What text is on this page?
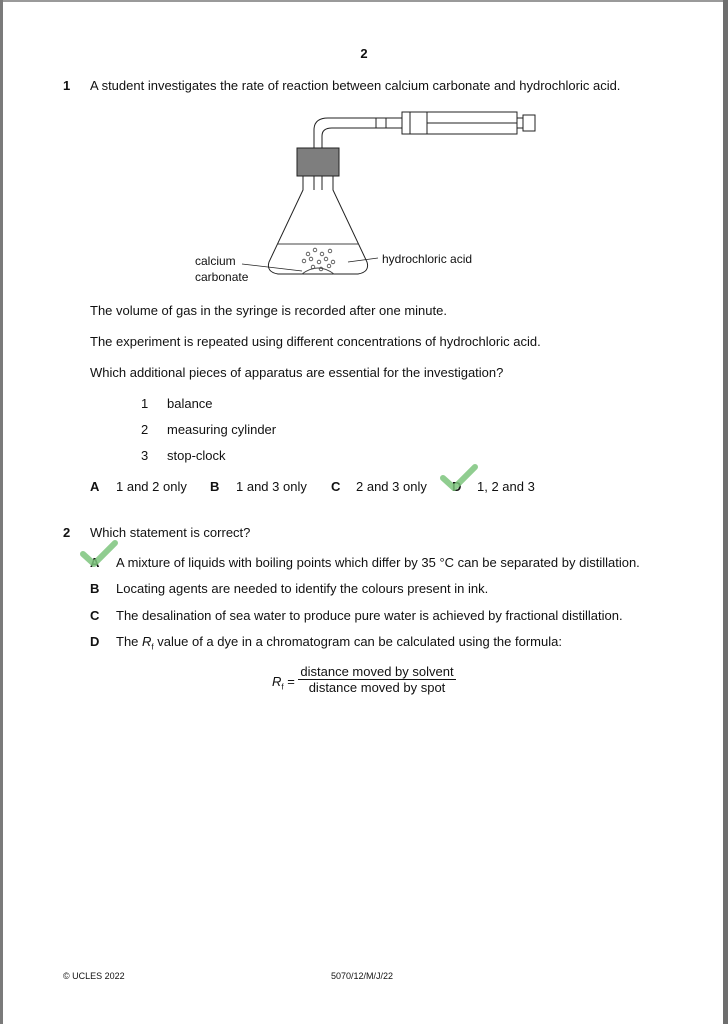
2
1 A student investigates the rate of reaction between calcium carbonate and hydrochloric acid.
calcium
carbonate
hydrochloric acid
The volume of gas in the syringe is recorded after one minute.
The experiment is repeated using different concentrations of hydrochloric acid.
Which additional pieces of apparatus are essential for the investigation?
1 balance
2 measuring cylinder
3 stop-clock
A 1 and 2 only B 1 and 3 only C 2 and 3 only D 1, 2 and 3
2 Which statement is correct?
A A mixture of liquids with boiling points which differ by 35 °C can be separated by distillation.
B Locating agents are needed to identify the colours present in ink.
C The desalination of sea water to produce pure water is achieved by fractional distillation.
D The $R_f$ value of a dye in a chromatogram can be calculated using the formula:
$R_f$ =
distance moved by solvent
distance moved by spot
© UCLES 2022	5070/12/M/J/22
